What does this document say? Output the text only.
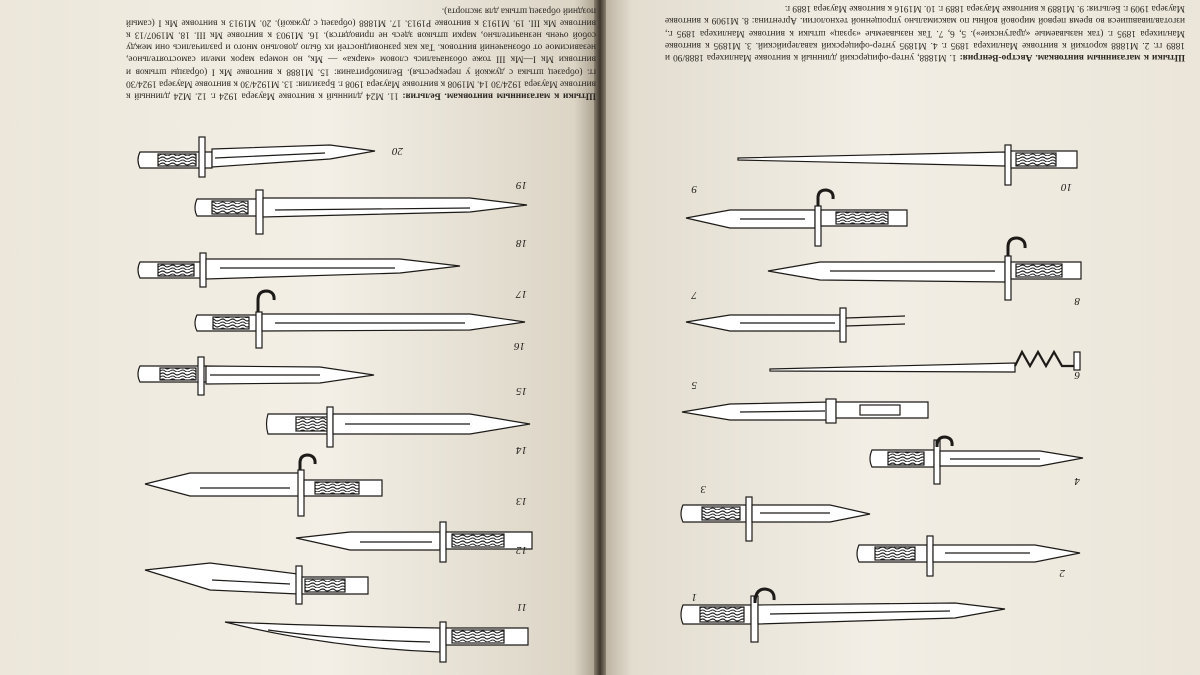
Штыки к магазинным винтовкам. Бельгия: 11. М24 длинный к винтовке Маузера 1924 г. 12. М24 длинный к винтовке Маузера 1924/30 14. М1908 к винтовке Маузера 1908 г. Бразилия: 13. М1924/30 к винтовке Маузера 1924/30 гг. (образец штыка с дужкой у перекрестья). Великобритания: 15. М1888 к винтовке Мк I (образцы штыков и винтовки Мк I—Мк III тоже обозначались словом «марка» — Мк, но номера марок имели самостоятельное, независимое от обозначений винтовок. Так как разновидностей их было довольно много и различались они между собой очень незначительно, марки штыков здесь не приводятся). 16. М1903 к винтовке Мк III. 18. М1907/13 к винтовке Мк III. 19. М1913 к винтовке Р1913. 17. М1888 (образец с дужкой). 20. М1913 к винтовке Мк I (самый поздний образец штыка для экспорта).

Штыки к магазинным винтовкам. Австро-Венгрия: 1. М1888, унтер-офицерский длинный к винтовке Манлихера 1888/90 и 1889 гг. 2. М1888 короткий к винтовке Манлихера 1895 г. 4. М1895 унтер-офицерский кавалерийский. 3. М1895 к винтовке Манлихера 1895 г. (так называемые «драгунские»). 5, 6, 7. Так называемые «эрзац» штыки к винтовке Манлихера 1895 г., изготавливавшиеся во время первой мировой войны по максимально упрощенной технологии. Аргентина: 8. М1909 к винтовке Маузера 1909 г. Бельгия: 9. М1889 к винтовке Маузера 1889 г. 10. М1916 к винтовке Маузера 1889 г.

20
19
18
17
16
15
14
13
12
11
10
9
8
7
6
5
4
3
2
1
